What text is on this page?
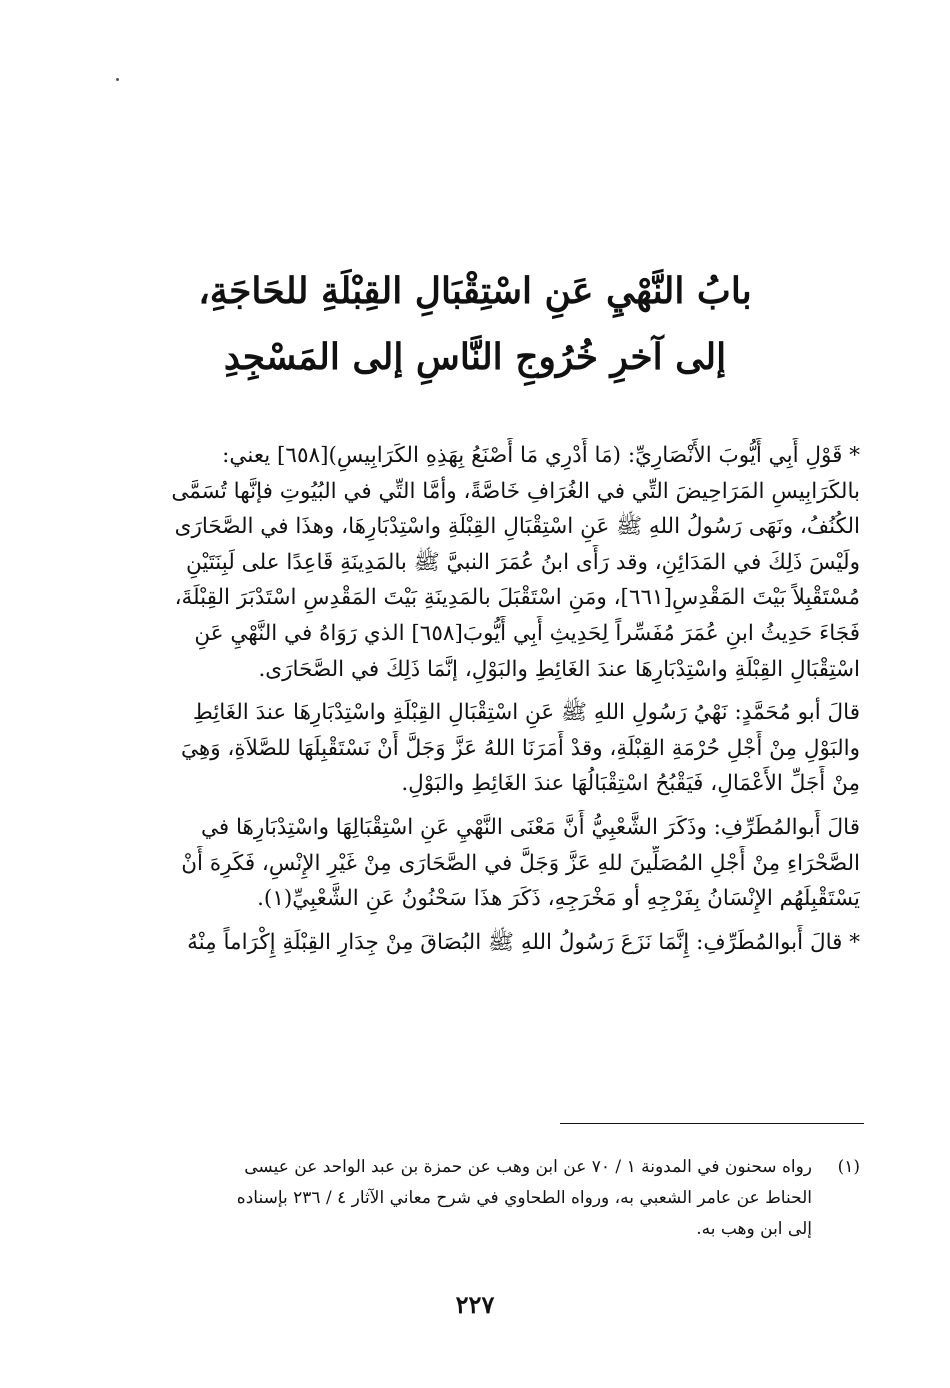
بابُ النَّهْيِ عَنِ اسْتِقْبَالِ القِبْلَةِ للحَاجَةِ،
إلى آخرِ خُرُوجِ النَّاسِ إلى المَسْجِدِ

* قَوْلِ أَبِي أَيُّوبَ الأَنْصَارِيِّ: (مَا أَدْرِي مَا أَصْنَعُ بِهَذِهِ الكَرَابِيسِ)[٦٥٨] يعني:
بالكَرَابِيسِ المَرَاحِيضَ التِّي في الغُرَافِ خَاصَّةً، وأمَّا التِّي في البُيُوتِ فإنَّها تُسَمَّى
الكُنُفُ، ونَهَى رَسُولُ اللهِ ﷺ عَنِ اسْتِقْبَالِ القِبْلَةِ واسْتِدْبَارِهَا، وهذَا في الصَّحَارَى
ولَيْسَ ذَلِكَ في المَدَائِنِ، وقد رَأَى ابنُ عُمَرَ النبيَّ ﷺ بالمَدِينَةِ قَاعِدًا على لَبِنَتَيْنِ
مُسْتَقْبِلاً بَيْتَ المَقْدِسِ[٦٦١]، ومَنِ اسْتَقْبَلَ بالمَدِينَةِ بَيْتَ المَقْدِسِ اسْتَدْبَرَ القِبْلَةَ،
فَجَاءَ حَدِيثُ ابنِ عُمَرَ مُفَسِّراً لِحَدِيثِ أَبِي أَيُّوبَ[٦٥٨] الذي رَوَاهُ في النَّهْيِ عَنِ
اسْتِقْبَالِ القِبْلَةِ واسْتِدْبَارِهَا عندَ الغَائِطِ والبَوْلِ، إنَّمَا ذَلِكَ في الصَّحَارَى.

قالَ أبو مُحَمَّدٍ: نَهْيُ رَسُولِ اللهِ ﷺ عَنِ اسْتِقْبَالِ القِبْلَةِ واسْتِدْبَارِهَا عندَ الغَائِطِ
والبَوْلِ مِنْ أَجْلِ حُرْمَةِ القِبْلَةِ، وقدْ أَمَرَنَا اللهُ عَزَّ وَجَلَّ أَنْ نَسْتَقْبِلَهَا للصَّلاَةِ، وَهِيَ
مِنْ أَجَلِّ الأَعْمَالِ، فَيَقْبُحُ اسْتِقْبَالُهَا عندَ الغَائِطِ والبَوْلِ.

قالَ أَبوالمُطَرِّفِ: وذَكَرَ الشَّعْبِيُّ أَنَّ مَعْنَى النَّهْيِ عَنِ اسْتِقْبَالِهَا واسْتِدْبَارِهَا في
الصَّحْرَاءِ مِنْ أَجْلِ المُصَلِّينَ للهِ عَزَّ وَجَلَّ في الصَّحَارَى مِنْ غَيْرِ الإِنْسِ، فَكَرِهَ أَنْ
يَسْتَقْبِلَهُم الإِنْسَانُ بِفَرْجِهِ أو مَخْرَجِهِ، ذَكَرَ هذَا سَحْنُونُ عَنِ الشَّعْبِيِّ(١).

* قالَ أَبوالمُطَرِّفِ: إِنَّمَا نَزَعَ رَسُولُ اللهِ ﷺ البُصَاقَ مِنْ جِدَارِ القِبْلَةِ إِكْرَاماً مِنْهُ

(١)
رواه سحنون في المدونة ١ / ٧٠ عن ابن وهب عن حمزة بن عبد الواحد عن عيسى
الحناط عن عامر الشعبي به، ورواه الطحاوي في شرح معاني الآثار ٤ / ٢٣٦ بإسناده
إلى ابن وهب به.
٢٢٧
